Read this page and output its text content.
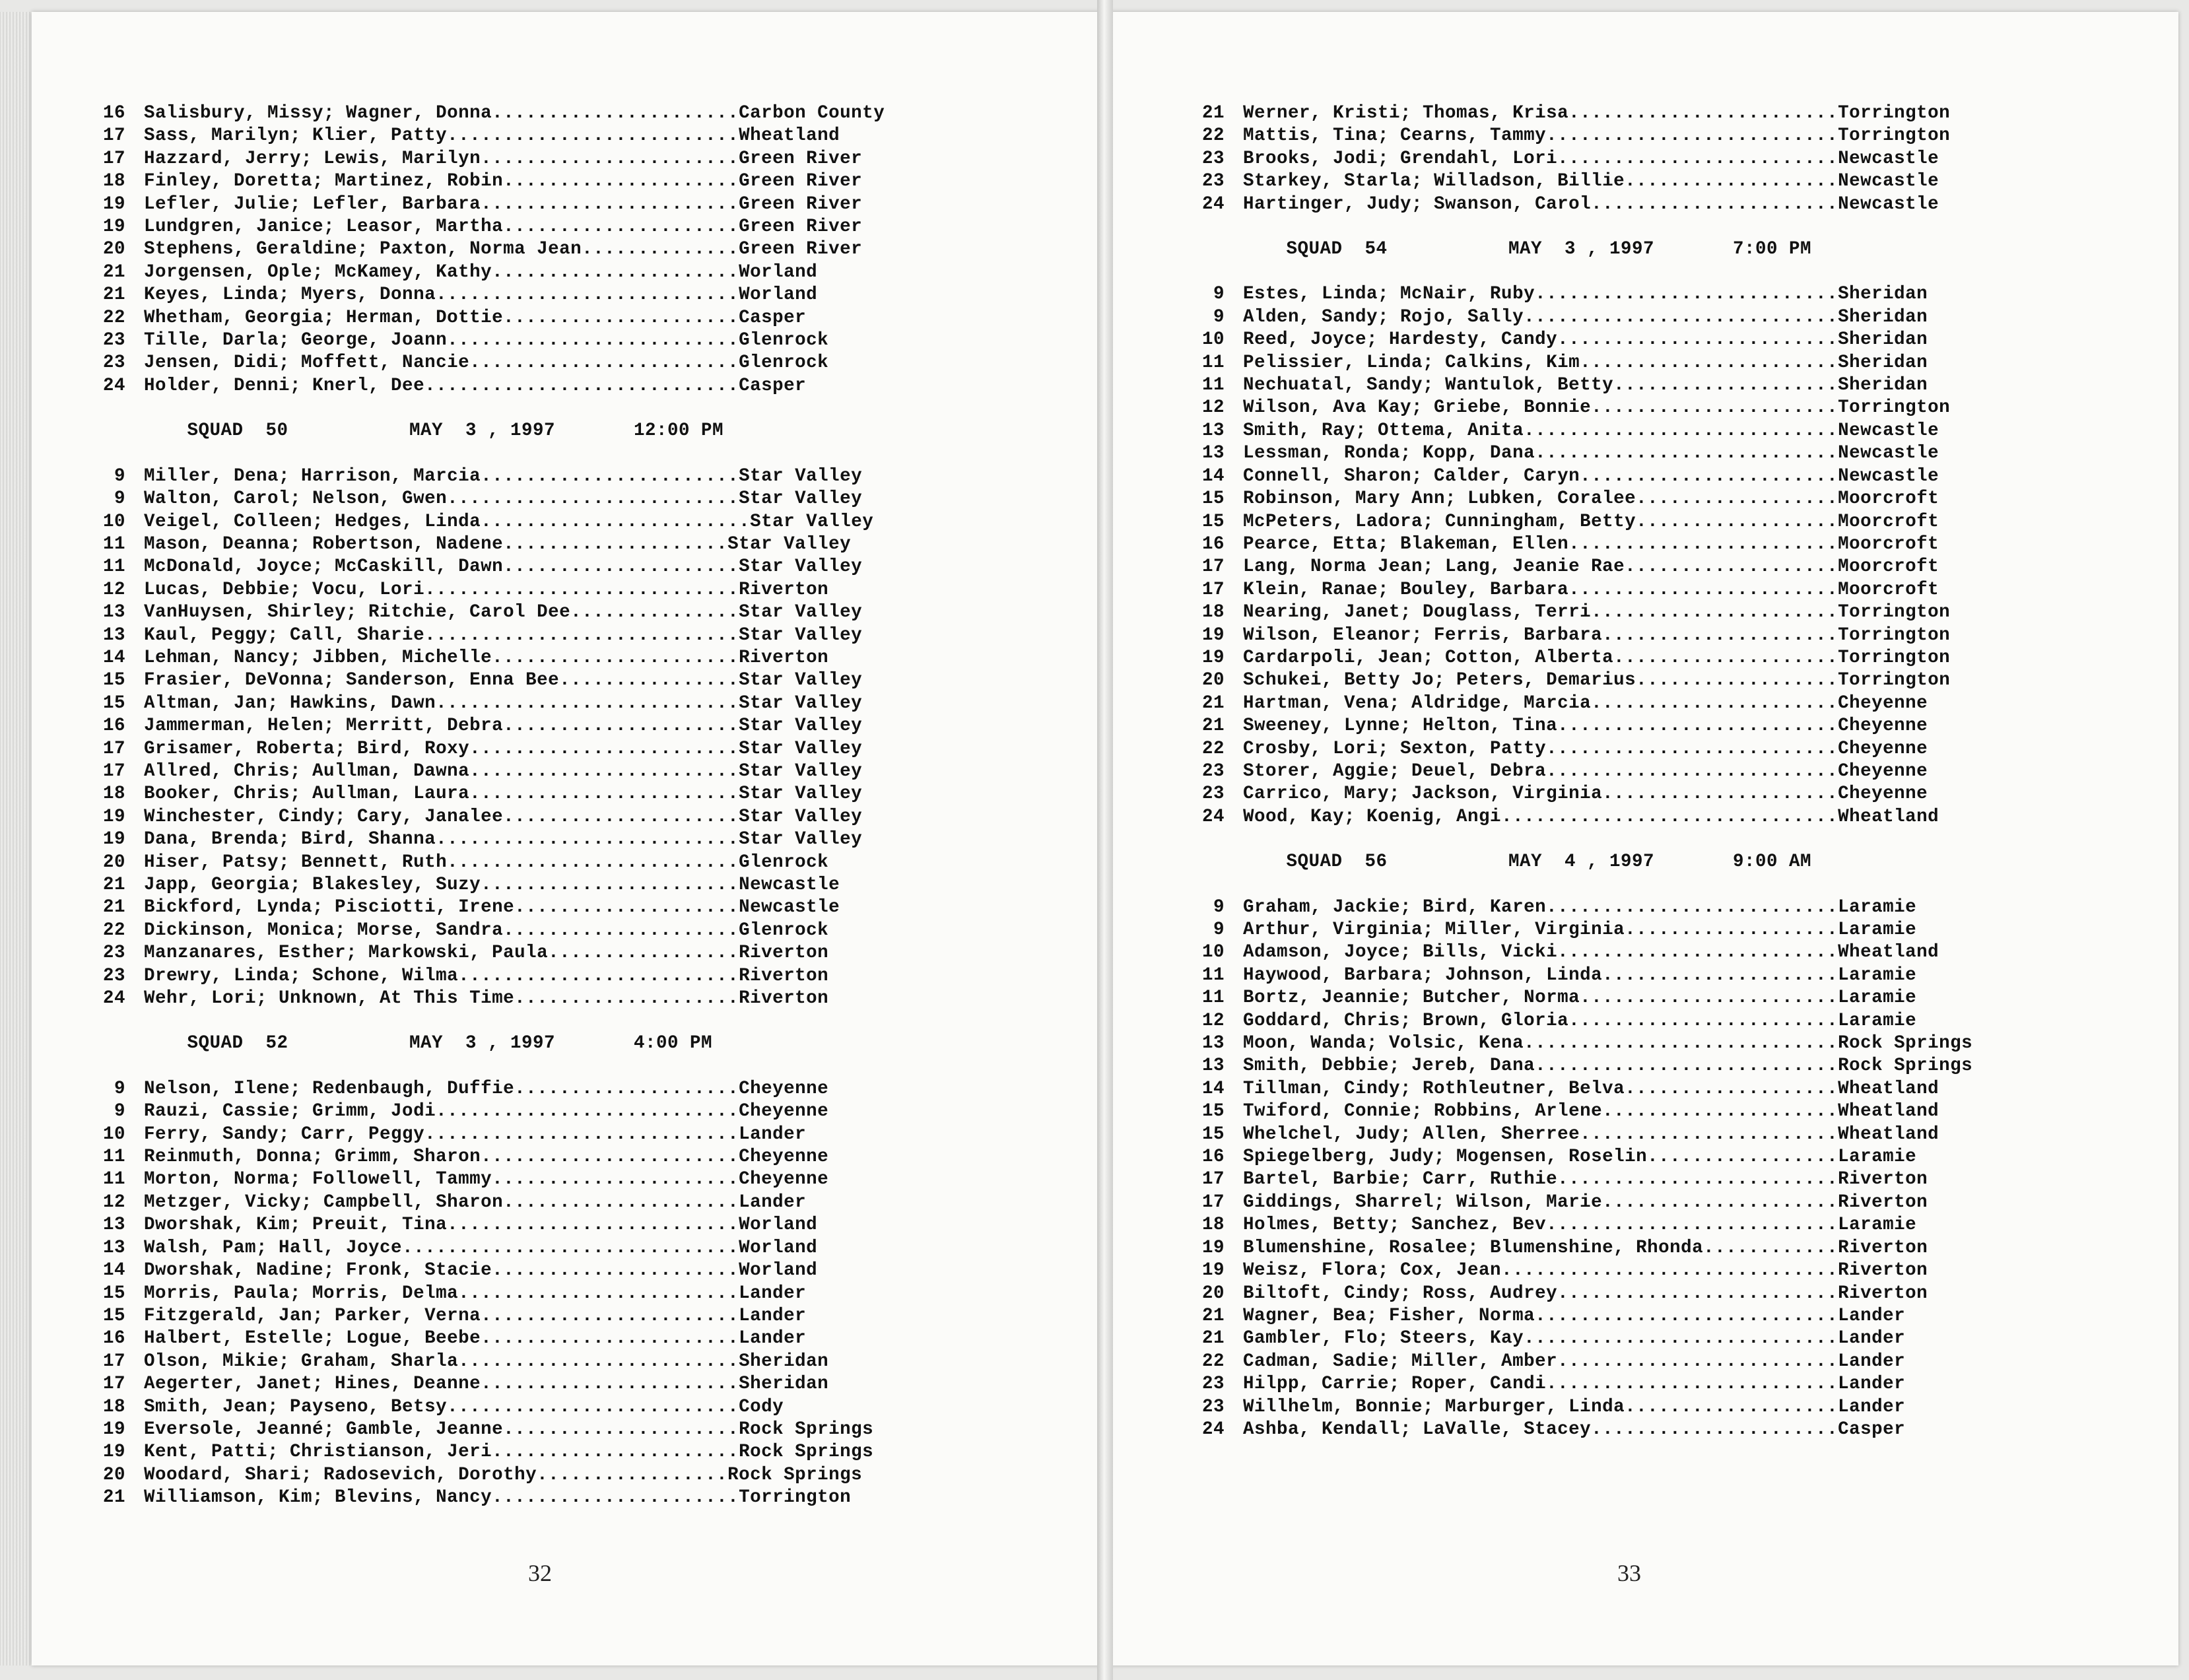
16 Salisbury, Missy; Wagner, Donna......................Carbon County
17 Sass, Marilyn; Klier, Patty..........................Wheatland
17 Hazzard, Jerry; Lewis, Marilyn.......................Green River
18 Finley, Doretta; Martinez, Robin.....................Green River
19 Lefler, Julie; Lefler, Barbara.......................Green River
19 Lundgren, Janice; Leasor, Martha.....................Green River
20 Stephens, Geraldine; Paxton, Norma Jean..............Green River
21 Jorgensen, Ople; McKamey, Kathy......................Worland
21 Keyes, Linda; Myers, Donna...........................Worland
22 Whetham, Georgia; Herman, Dottie.....................Casper
23 Tille, Darla; George, Joann..........................Glenrock
23 Jensen, Didi; Moffett, Nancie........................Glenrock
24 Holder, Denni; Knerl, Dee............................Casper
SQUAD  50	MAY  3 , 1997	12:00 PM
9 Miller, Dena; Harrison, Marcia.......................Star Valley
9 Walton, Carol; Nelson, Gwen..........................Star Valley
10 Veigel, Colleen; Hedges, Linda........................Star Valley
11 Mason, Deanna; Robertson, Nadene....................Star Valley
11 McDonald, Joyce; McCaskill, Dawn.....................Star Valley
12 Lucas, Debbie; Vocu, Lori............................Riverton
13 VanHuysen, Shirley; Ritchie, Carol Dee...............Star Valley
13 Kaul, Peggy; Call, Sharie............................Star Valley
14 Lehman, Nancy; Jibben, Michelle......................Riverton
15 Frasier, DeVonna; Sanderson, Enna Bee................Star Valley
15 Altman, Jan; Hawkins, Dawn...........................Star Valley
16 Jammerman, Helen; Merritt, Debra.....................Star Valley
17 Grisamer, Roberta; Bird, Roxy........................Star Valley
17 Allred, Chris; Aullman, Dawna........................Star Valley
18 Booker, Chris; Aullman, Laura........................Star Valley
19 Winchester, Cindy; Cary, Janalee.....................Star Valley
19 Dana, Brenda; Bird, Shanna...........................Star Valley
20 Hiser, Patsy; Bennett, Ruth..........................Glenrock
21 Japp, Georgia; Blakesley, Suzy.......................Newcastle
21 Bickford, Lynda; Pisciotti, Irene....................Newcastle
22 Dickinson, Monica; Morse, Sandra.....................Glenrock
23 Manzanares, Esther; Markowski, Paula.................Riverton
23 Drewry, Linda; Schone, Wilma.........................Riverton
24 Wehr, Lori; Unknown, At This Time....................Riverton
SQUAD  52	MAY  3 , 1997	4:00 PM
9 Nelson, Ilene; Redenbaugh, Duffie....................Cheyenne
9 Rauzi, Cassie; Grimm, Jodi...........................Cheyenne
10 Ferry, Sandy; Carr, Peggy............................Lander
11 Reinmuth, Donna; Grimm, Sharon.......................Cheyenne
11 Morton, Norma; Followell, Tammy......................Cheyenne
12 Metzger, Vicky; Campbell, Sharon.....................Lander
13 Dworshak, Kim; Preuit, Tina..........................Worland
13 Walsh, Pam; Hall, Joyce..............................Worland
14 Dworshak, Nadine; Fronk, Stacie......................Worland
15 Morris, Paula; Morris, Delma.........................Lander
15 Fitzgerald, Jan; Parker, Verna.......................Lander
16 Halbert, Estelle; Logue, Beebe.......................Lander
17 Olson, Mikie; Graham, Sharla.........................Sheridan
17 Aegerter, Janet; Hines, Deanne.......................Sheridan
18 Smith, Jean; Payseno, Betsy..........................Cody
19 Eversole, Jeanné; Gamble, Jeanne.....................Rock Springs
19 Kent, Patti; Christianson, Jeri......................Rock Springs
20 Woodard, Shari; Radosevich, Dorothy.................Rock Springs
21 Williamson, Kim; Blevins, Nancy......................Torrington
21 Werner, Kristi; Thomas, Krisa........................Torrington
22 Mattis, Tina; Cearns, Tammy..........................Torrington
23 Brooks, Jodi; Grendahl, Lori.........................Newcastle
23 Starkey, Starla; Willadson, Billie...................Newcastle
24 Hartinger, Judy; Swanson, Carol......................Newcastle
SQUAD  54	MAY  3 , 1997	7:00 PM
9 Estes, Linda; McNair, Ruby...........................Sheridan
9 Alden, Sandy; Rojo, Sally............................Sheridan
10 Reed, Joyce; Hardesty, Candy.........................Sheridan
11 Pelissier, Linda; Calkins, Kim.......................Sheridan
11 Nechuatal, Sandy; Wantulok, Betty....................Sheridan
12 Wilson, Ava Kay; Griebe, Bonnie......................Torrington
13 Smith, Ray; Ottema, Anita............................Newcastle
13 Lessman, Ronda; Kopp, Dana...........................Newcastle
14 Connell, Sharon; Calder, Caryn.......................Newcastle
15 Robinson, Mary Ann; Lubken, Coralee..................Moorcroft
15 McPeters, Ladora; Cunningham, Betty..................Moorcroft
16 Pearce, Etta; Blakeman, Ellen........................Moorcroft
17 Lang, Norma Jean; Lang, Jeanie Rae...................Moorcroft
17 Klein, Ranae; Bouley, Barbara........................Moorcroft
18 Nearing, Janet; Douglass, Terri......................Torrington
19 Wilson, Eleanor; Ferris, Barbara.....................Torrington
19 Cardarpoli, Jean; Cotton, Alberta....................Torrington
20 Schukei, Betty Jo; Peters, Demarius..................Torrington
21 Hartman, Vena; Aldridge, Marcia......................Cheyenne
21 Sweeney, Lynne; Helton, Tina.........................Cheyenne
22 Crosby, Lori; Sexton, Patty..........................Cheyenne
23 Storer, Aggie; Deuel, Debra..........................Cheyenne
23 Carrico, Mary; Jackson, Virginia.....................Cheyenne
24 Wood, Kay; Koenig, Angi..............................Wheatland
SQUAD  56	MAY  4 , 1997	9:00 AM
9 Graham, Jackie; Bird, Karen..........................Laramie
9 Arthur, Virginia; Miller, Virginia...................Laramie
10 Adamson, Joyce; Bills, Vicki.........................Wheatland
11 Haywood, Barbara; Johnson, Linda.....................Laramie
11 Bortz, Jeannie; Butcher, Norma.......................Laramie
12 Goddard, Chris; Brown, Gloria........................Laramie
13 Moon, Wanda; Volsic, Kena............................Rock Springs
13 Smith, Debbie; Jereb, Dana...........................Rock Springs
14 Tillman, Cindy; Rothleutner, Belva...................Wheatland
15 Twiford, Connie; Robbins, Arlene.....................Wheatland
15 Whelchel, Judy; Allen, Sherree.......................Wheatland
16 Spiegelberg, Judy; Mogensen, Roselin.................Laramie
17 Bartel, Barbie; Carr, Ruthie.........................Riverton
17 Giddings, Sharrel; Wilson, Marie.....................Riverton
18 Holmes, Betty; Sanchez, Bev..........................Laramie
19 Blumenshine, Rosalee; Blumenshine, Rhonda............Riverton
19 Weisz, Flora; Cox, Jean..............................Riverton
20 Biltoft, Cindy; Ross, Audrey.........................Riverton
21 Wagner, Bea; Fisher, Norma...........................Lander
21 Gambler, Flo; Steers, Kay............................Lander
22 Cadman, Sadie; Miller, Amber.........................Lander
23 Hilpp, Carrie; Roper, Candi..........................Lander
23 Willhelm, Bonnie; Marburger, Linda...................Lander
24 Ashba, Kendall; LaValle, Stacey......................Casper
32	33
